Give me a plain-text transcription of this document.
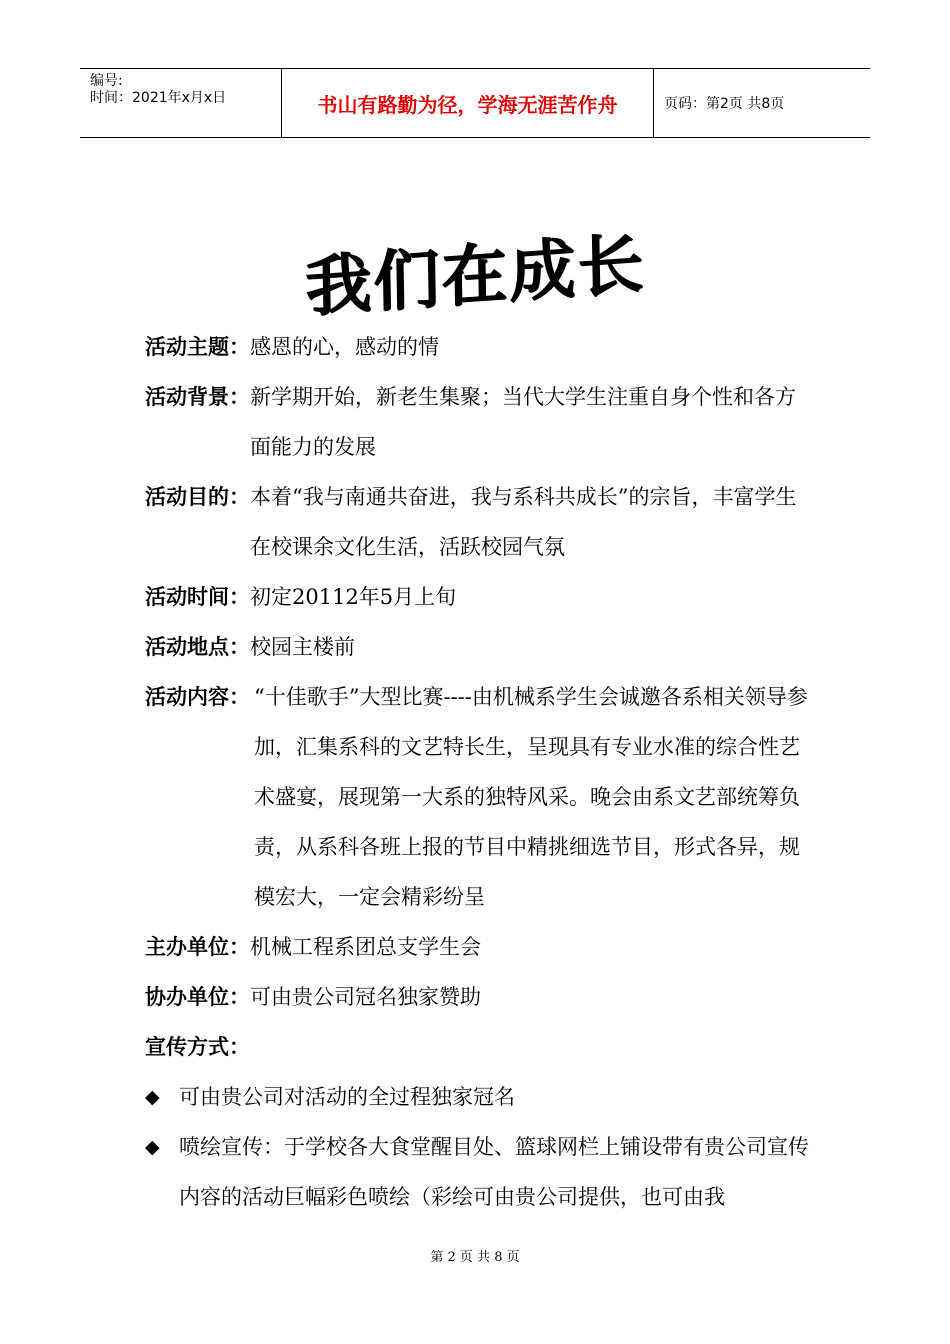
编号:
时间：2021年x月x日	书山有路勤为径，学海无涯苦作舟	页码：第2页 共8页
我们在成长
活动主题： 感恩的心，感动的情
活动背景： 新学期开始，新老生集聚；当代大学生注重自身个性和各方面能力的发展
活动目的： 本着“我与南通共奋进，我与系科共成长”的宗旨，丰富学生在校课余文化生活，活跃校园气氛
活动时间： 初定20112年5月上旬
活动地点： 校园主楼前
活动内容： “十佳歌手”大型比赛----由机械系学生会诚邀各系相关领导参加，汇集系科的文艺特长生，呈现具有专业水准的综合性艺术盛宴，展现第一大系的独特风采。晚会由系文艺部统筹负责，从系科各班上报的节目中精挑细选节目，形式各异，规模宏大，一定会精彩纷呈
主办单位： 机械工程系团总支学生会
协办单位： 可由贵公司冠名独家赞助
宣传方式：
◆ 可由贵公司对活动的全过程独家冠名
◆ 喷绘宣传：于学校各大食堂醒目处、篮球网栏上铺设带有贵公司宣传内容的活动巨幅彩色喷绘（彩绘可由贵公司提供，也可由我
第 2 页 共 8 页
